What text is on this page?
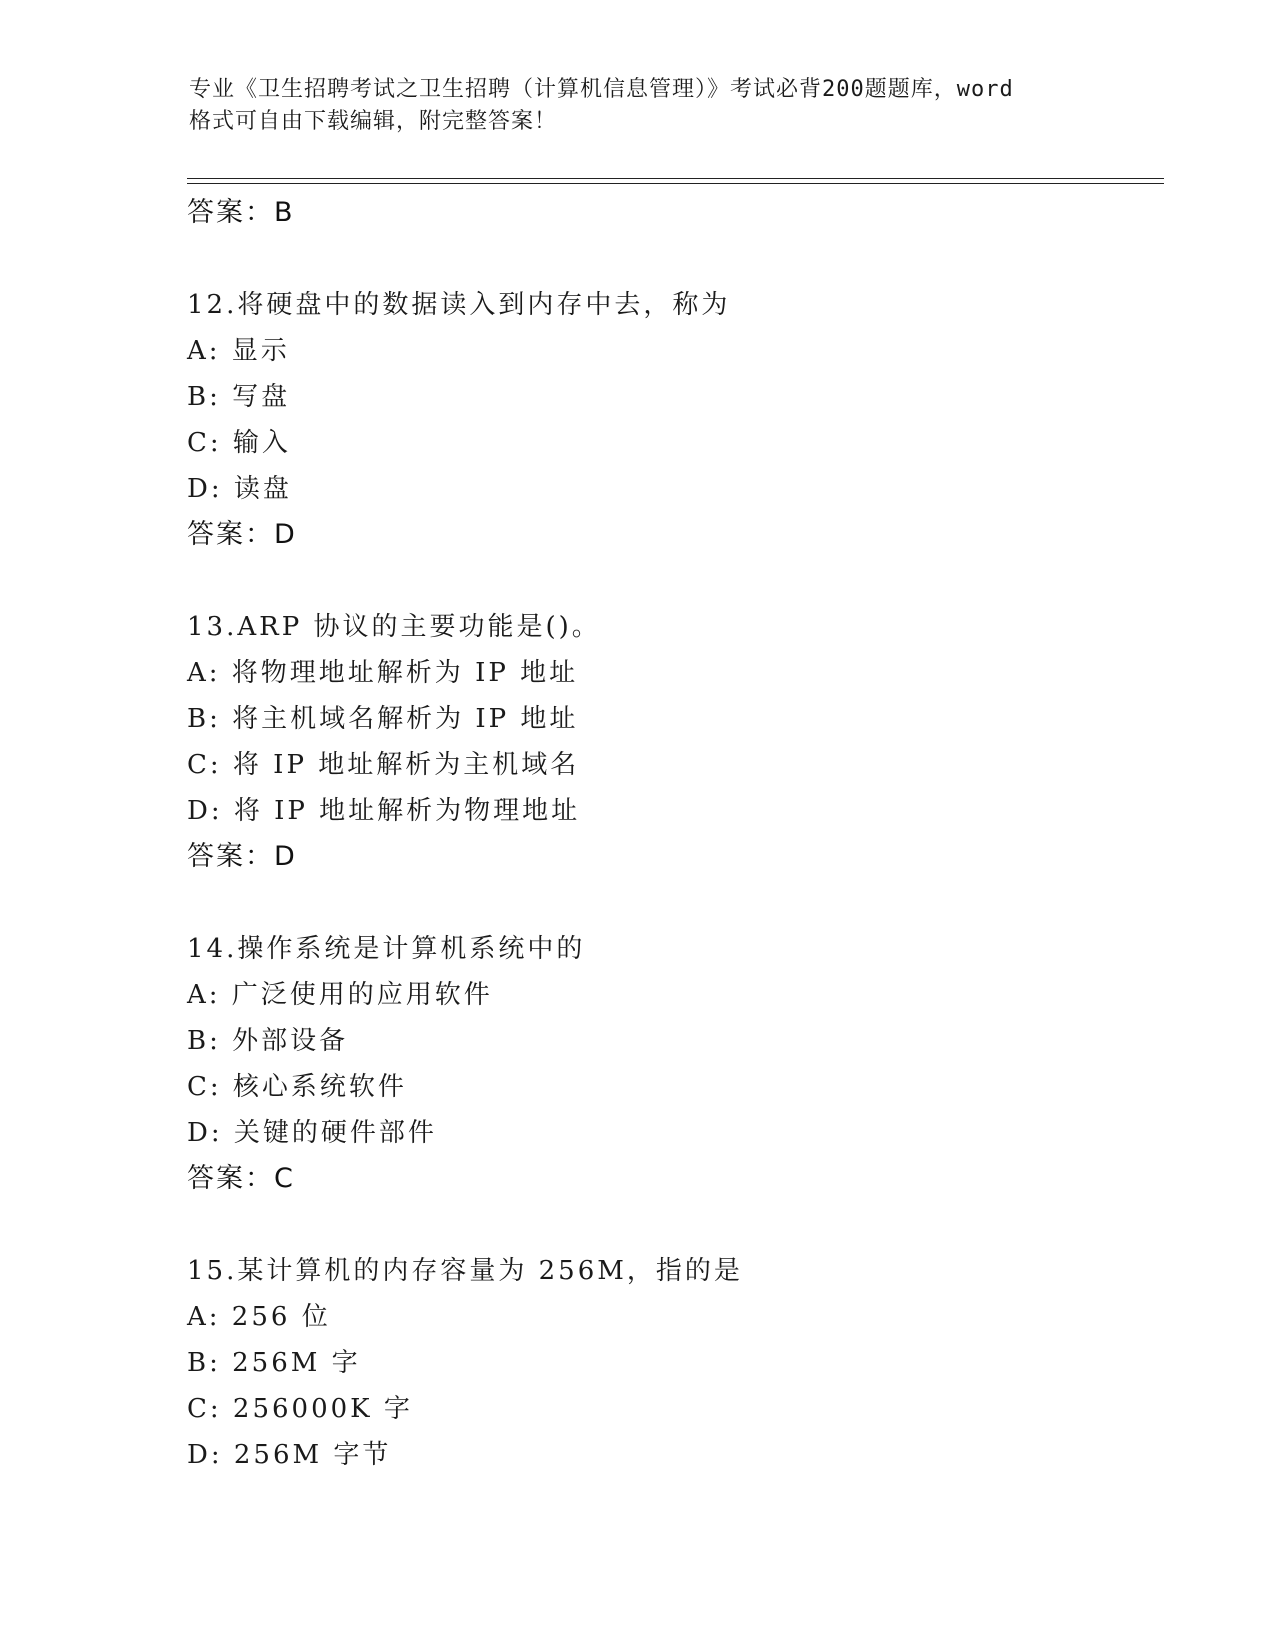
专业《卫生招聘考试之卫生招聘（计算机信息管理）》考试必背200题题库，word
格式可自由下载编辑，附完整答案！
答案：B
12.将硬盘中的数据读入到内存中去，称为
A: 显示
B: 写盘
C: 输入
D: 读盘
答案：D
13.ARP 协议的主要功能是()。
A: 将物理地址解析为 IP 地址
B: 将主机域名解析为 IP 地址
C: 将 IP 地址解析为主机域名
D: 将 IP 地址解析为物理地址
答案：D
14.操作系统是计算机系统中的
A: 广泛使用的应用软件
B: 外部设备
C: 核心系统软件
D: 关键的硬件部件
答案：C
15.某计算机的内存容量为 256M，指的是
A: 256 位
B: 256M 字
C: 256000K 字
D: 256M 字节
